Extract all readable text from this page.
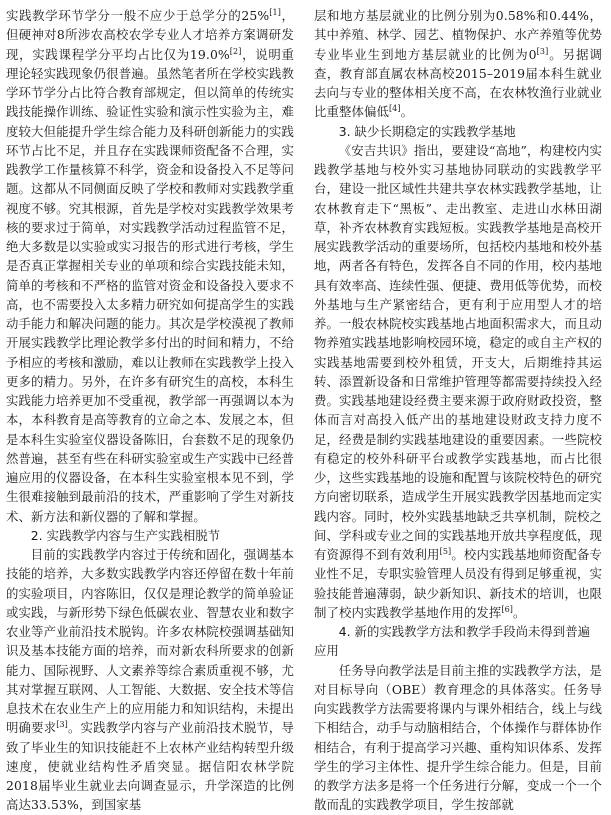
实践教学环节学分一般不应少于总学分的25%[1]，但硬神对8所涉农高校农学专业人才培养方案调研发现，实践课程学分平均占比仅为19.0%[2]，说明重理论轻实践现象仍很普遍。虽然笔者所在学校实践教学环节学分占比符合教育部规定，但以简单的传统实践技能操作训练、验证性实验和演示性实验为主，难度较大但能提升学生综合能力及科研创新能力的实践环节占比不足，并且存在实践课师资配备不合理，实践教学工作量核算不科学，资金和设备投入不足等问题。这都从不同侧面反映了学校和教师对实践教学重视度不够。究其根源，首先是学校对实践教学效果考核的要求过于简单，对实践教学活动过程监管不足，绝大多数是以实验或实习报告的形式进行考核，学生是否真正掌握相关专业的单项和综合实践技能未知，简单的考核和不严格的监管对资金和设备投入要求不高，也不需要投入太多精力研究如何提高学生的实践动手能力和解决问题的能力。其次是学校漠视了教师开展实践教学比理论教学多付出的时间和精力，不给予相应的考核和激励，难以让教师在实践教学上投入更多的精力。另外，在许多有研究生的高校，本科生实践能力培养更加不受重视，教学部一再强调以本为本，本科教育是高等教育的立命之本、发展之本，但是本科生实验室仪器设备陈旧，台套数不足的现象仍然普遍，甚至有些在科研实验室或生产实践中已经普遍应用的仪器设备，在本科生实验室根本见不到，学生很难接触到最前沿的技术，严重影响了学生对新技术、新方法和新仪器的了解和掌握。

2. 实践教学内容与生产实践相脱节

目前的实践教学内容过于传统和固化，强调基本技能的培养，大多数实践教学内容还停留在数十年前的实验项目，内容陈旧，仅仅是理论教学的简单验证或实践，与新形势下绿色低碳农业、智慧农业和数字农业等产业前沿技术脱钩。许多农林院校强调基础知识及基本技能方面的培养，而对新农科所要求的创新能力、国际视野、人文素养等综合素质重视不够，尤其对掌握互联网、人工智能、大数据、安全技术等信息技术在农业生产上的应用能力和知识结构，未提出明确要求[3]。实践教学内容与产业前沿技术脱节，导致了毕业生的知识技能赶不上农林产业结构转型升级速度，使就业结构性矛盾突显。据信阳农林学院2018届毕业生就业去向调查显示，升学深造的比例高达33.53%，到国家基

层和地方基层就业的比例分别为0.58%和0.44%，其中养殖、林学、园艺、植物保护、水产养殖等优势专业毕业生到地方基层就业的比例为0[3]。另据调查，教育部直属农林高校2015–2019届本科生就业去向与专业的整体相关度不高，在农林牧渔行业就业比重整体偏低[4]。

3. 缺少长期稳定的实践教学基地

《安吉共识》指出，要建设“高地”，构建校内实践教学基地与校外实习基地协同联动的实践教学平台，建设一批区域性共建共享农林实践教学基地，让农林教育走下“黑板”、走出教室、走进山水林田湖草，补齐农林教育实践短板。实践教学基地是高校开展实践教学活动的重要场所，包括校内基地和校外基地，两者各有特色，发挥各自不同的作用，校内基地具有效率高、连续性强、便捷、费用低等优势，而校外基地与生产紧密结合，更有利于应用型人才的培养。一般农林院校实践基地占地面积需求大，而且动物养殖实践基地影响校园环境，稳定的或自主产权的实践基地需要到校外租赁，开支大，后期维持其运转、添置新设备和日常维护管理等都需要持续投入经费。实践基地建设经费主要来源于政府财政投资，整体而言对高投入低产出的基地建设财政支持力度不足，经费是制约实践基地建设的重要因素。一些院校有稳定的校外科研平台或教学实践基地，而占比很少，这些实践基地的设施和配置与该院校特色的研究方向密切联系，造成学生开展实践教学因基地而定实践内容。同时，校外实践基地缺乏共享机制，院校之间、学科或专业之间的实践基地开放共享程度低，现有资源得不到有效利用[5]。校内实践基地师资配备专业性不足，专职实验管理人员没有得到足够重视，实验技能普遍薄弱，缺少新知识、新技术的培训，也限制了校内实践教学基地作用的发挥[6]。

4. 新的实践教学方法和教学手段尚未得到普遍应用

任务导向教学法是目前主推的实践教学方法，是对目标导向（OBE）教育理念的具体落实。任务导向实践教学方法需要将课内与课外相结合，线上与线下相结合，动手与动脑相结合，个体操作与群体协作相结合，有利于提高学习兴趣、重构知识体系、发挥学生的学习主体性、提升学生综合能力。但是，目前的教学方法多是将一个任务进行分解，变成一个一个散而乱的实践教学项目，学生按部就
